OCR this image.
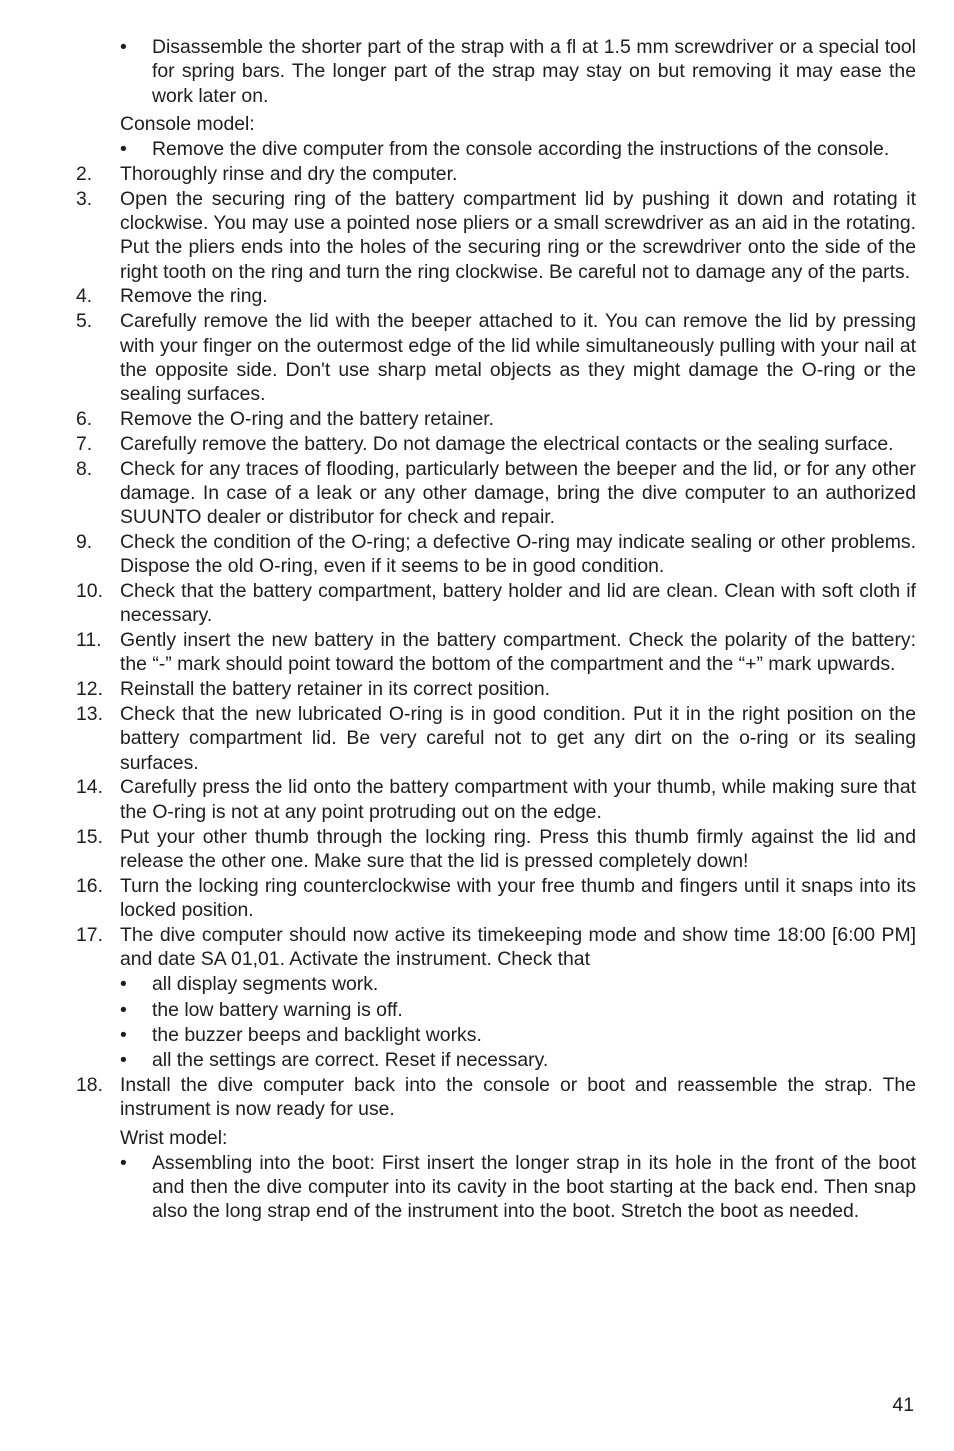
• Disassemble the shorter part of the strap with a ﬂ at 1.5 mm screwdriver or a special tool for spring bars. The longer part of the strap may stay on but removing it may ease the work later on.
Console model:
• Remove the dive computer from the console according the instructions of the console.
2. Thoroughly rinse and dry the computer.
3. Open the securing ring of the battery compartment lid by pushing it down and rotating it clockwise. You may use a pointed nose pliers or a small screwdriver as an aid in the rotating. Put the pliers ends into the holes of the securing ring or the screwdriver onto the side of the right tooth on the ring and turn the ring clockwise. Be careful not to damage any of the parts.
4. Remove the ring.
5. Carefully remove the lid with the beeper attached to it. You can remove the lid by pressing with your finger on the outermost edge of the lid while simultaneously pulling with your nail at the opposite side. Don't use sharp metal objects as they might damage the O-ring or the sealing surfaces.
6. Remove the O-ring and the battery retainer.
7. Carefully remove the battery. Do not damage the electrical contacts or the sealing surface.
8. Check for any traces of flooding, particularly between the beeper and the lid, or for any other damage. In case of a leak or any other damage, bring the dive computer to an authorized SUUNTO dealer or distributor for check and repair.
9. Check the condition of the O-ring; a defective O-ring may indicate sealing or other problems. Dispose the old O-ring, even if it seems to be in good condition.
10. Check that the battery compartment, battery holder and lid are clean. Clean with soft cloth if necessary.
11. Gently insert the new battery in the battery compartment. Check the polarity of the battery: the “-” mark should point toward the bottom of the compartment and the “+” mark upwards.
12. Reinstall the battery retainer in its correct position.
13. Check that the new lubricated O-ring is in good condition. Put it in the right position on the battery compartment lid. Be very careful not to get any dirt on the o-ring or its sealing surfaces.
14. Carefully press the lid onto the battery compartment with your thumb, while making sure that the O-ring is not at any point protruding out on the edge.
15. Put your other thumb through the locking ring. Press this thumb firmly against the lid and release the other one. Make sure that the lid is pressed completely down!
16. Turn the locking ring counterclockwise with your free thumb and fingers until it snaps into its locked position.
17. The dive computer should now active its timekeeping mode and show time 18:00 [6:00 PM] and date SA 01,01. Activate the instrument. Check that
• all display segments work.
• the low battery warning is off.
• the buzzer beeps and backlight works.
• all the settings are correct. Reset if necessary.
18. Install the dive computer back into the console or boot and reassemble the strap. The instrument is now ready for use.
Wrist model:
• Assembling into the boot: First insert the longer strap in its hole in the front of the boot and then the dive computer into its cavity in the boot starting at the back end. Then snap also the long strap end of the instrument into the boot. Stretch the boot as needed.
41
